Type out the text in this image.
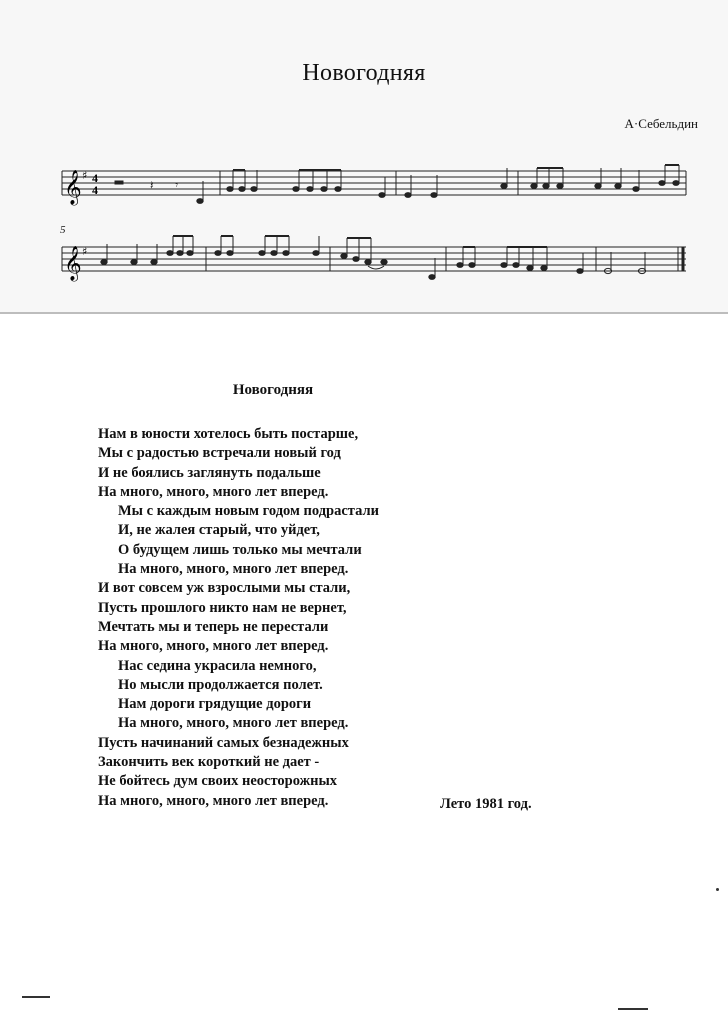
Новогодняя
А·Себельдин
5
𝄞 ♯ 4
4	𝄽 𝄾
𝄞 ♯
Новогодняя
Нам в юности хотелось быть постарше,
Мы с радостью встречали новый год
И не боялись заглянуть подальше
На много, много, много лет вперед.
Мы с каждым новым годом подрастали
И, не жалея старый, что уйдет,
О будущем лишь только мы мечтали
На много, много, много лет вперед.
И вот совсем уж взрослыми мы стали,
Пусть прошлого никто нам не вернет,
Мечтать мы и теперь не перестали
На много, много, много лет вперед.
Нас седина украсила немного,
Но мысли продолжается полет.
Нам дороги грядущие дороги
На много, много, много лет вперед.
Пусть начинаний самых безнадежных
Закончить век короткий не дает -
Не бойтесь дум своих неосторожных
На много, много, много лет вперед.	Лето 1981 год.
